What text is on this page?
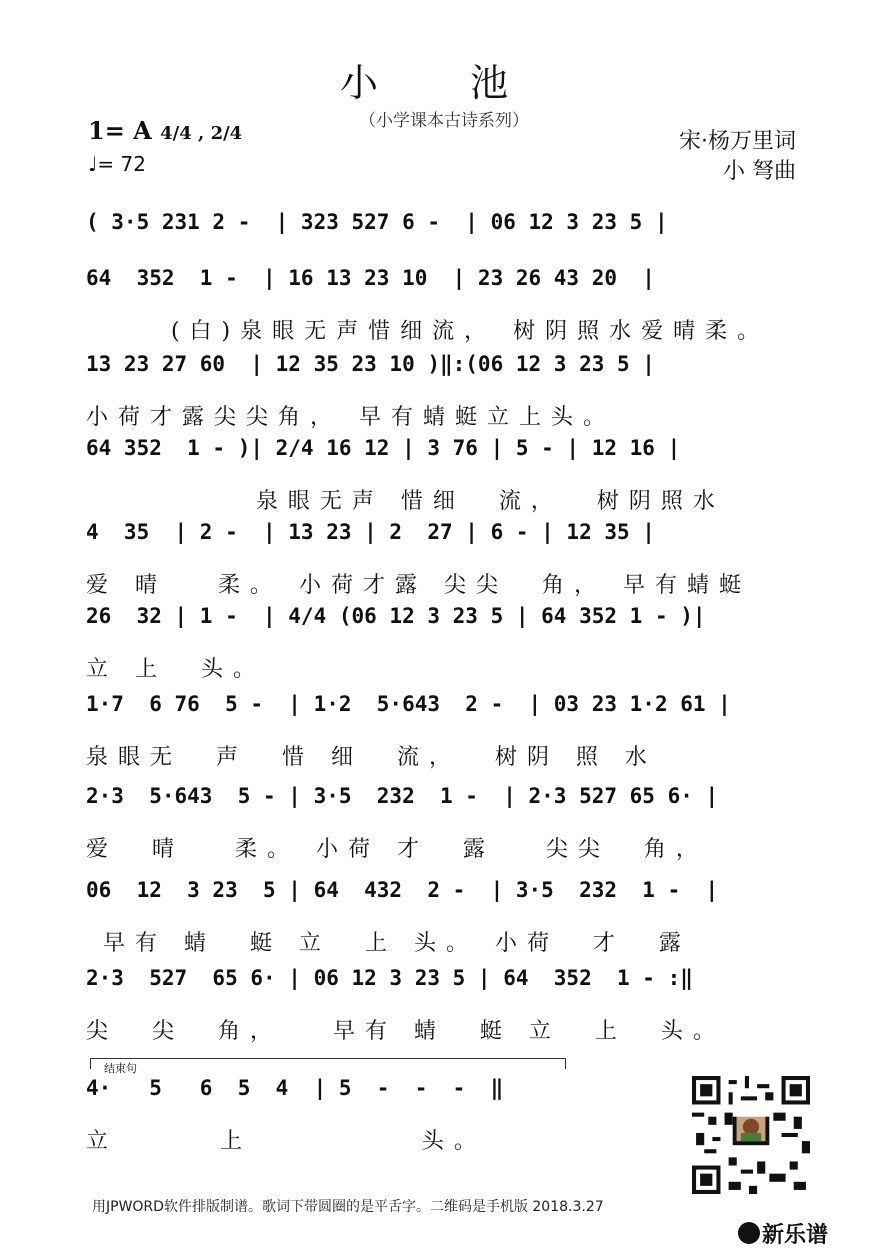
小 池
（小学课本古诗系列）
1= A 4/4 , 2/4
♩= 72
宋·杨万里词
小 弩曲
( 3·5 231 2 -  | 323 527 6 -  | 06 12 3 23 5 |
64  352  1 -  | 16 13 23 10  | 23 26 43 20  |
(白)泉眼无声惜细流， 树阴照水爱晴柔。
13 23 27 60  | 12 35 23 10 )‖:(06 12 3 23 5 |
小荷才露尖尖角， 早有蜻蜓立上头。
64 352  1 - )| 2/4 16 12 | 3 76 | 5 - | 12 16 |
泉眼无声 惜细  流，  树阴照水
4  35  | 2 -  | 13 23 | 2  27 | 6 - | 12 35 |
爱 晴   柔。 小荷才露 尖尖  角， 早有蜻蜓
26  32 | 1 -  | 4/4 (06 12 3 23 5 | 64 352 1 - )|
立 上  头。
1·7  6 76  5 -  | 1·2  5·643  2 -  | 03 23 1·2 61 |
泉眼无  声  惜 细  流，  树阴 照 水
2·3  5·643  5 - | 3·5  232  1 -  | 2·3 527 65 6· |
爱  晴   柔。 小荷 才  露   尖尖  角，
06  12  3 23  5 | 64  432  2 -  | 3·5  232  1 -  |
早有 蜻  蜓 立  上 头。 小荷  才  露
2·3  527  65 6· | 06 12 3 23 5 | 64  352  1 - :‖
尖  尖  角，   早有 蜻  蜓 立  上  头。
4·   5   6  5  4  | 5  -  -  -  ‖
立      上          头。
结束句
用JPWORD软件排版制谱。歌词下带圆圈的是平舌字。二维码是手机版 2018.3.27
新乐谱
